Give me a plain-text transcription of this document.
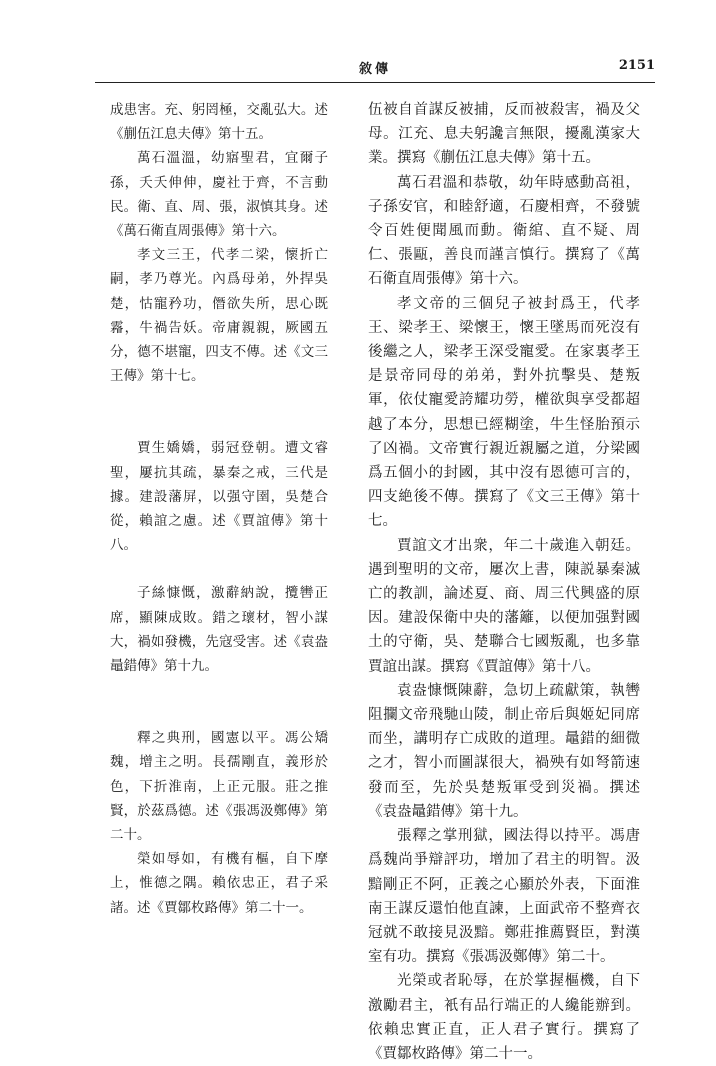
敘傳	2151

成患害。充、躬罔極，交亂弘大。述《蒯伍江息夫傳》第十五。

萬石溫溫，幼寤聖君，宜爾子孫，夭夭伸伸，慶社于齊，不言動民。衛、直、周、張，淑慎其身。述《萬石衛直周張傳》第十六。

孝文三王，代孝二梁，懷折亡嗣，孝乃尊光。內爲母弟，外捍吳楚，怙寵矜功，僭欲失所，思心既霿，牛禍告妖。帝庸親親，厥國五分，德不堪寵，四支不傳。述《文三王傳》第十七。

賈生嬌嬌，弱冠登朝。遭文睿聖，屢抗其疏，暴秦之戒，三代是據。建設藩屏，以强守圉，吳楚合從，賴誼之慮。述《賈誼傳》第十八。

子絲慷慨，激辭納說，攬轡正席，顯陳成敗。錯之瓌材，智小謀大，禍如發機，先寇受害。述《袁盎鼂錯傳》第十九。

釋之典刑，國憲以平。馮公矯魏，增主之明。長孺剛直，義形於色，下折淮南，上正元服。莊之推賢，於茲爲德。述《張馮汲鄭傳》第二十。

榮如辱如，有機有樞，自下摩上，惟德之隅。賴依忠正，君子采諸。述《賈鄒枚路傳》第二十一。

伍被自首謀反被捕，反而被殺害，禍及父母。江充、息夫躬讒言無限，擾亂漢家大業。撰寫《蒯伍江息夫傳》第十五。

萬石君溫和恭敬，幼年時感動高祖，子孫安官，和睦舒適，石慶相齊，不發號令百姓便聞風而動。衛綰、直不疑、周仁、張甌，善良而謹言慎行。撰寫了《萬石衛直周張傳》第十六。

孝文帝的三個兒子被封爲王，代孝王、梁孝王、梁懷王，懷王墜馬而死沒有後繼之人，梁孝王深受寵愛。在家裏孝王是景帝同母的弟弟，對外抗擊吳、楚叛軍，依仗寵愛誇耀功勞，權欲與享受都超越了本分，思想已經糊塗，牛生怪胎預示了凶禍。文帝實行親近親屬之道，分梁國爲五個小的封國，其中沒有恩德可言的，四支絶後不傳。撰寫了《文三王傳》第十七。

賈誼文才出衆，年二十歲進入朝廷。遇到聖明的文帝，屢次上書，陳説暴秦滅亡的教訓，論述夏、商、周三代興盛的原因。建設保衛中央的藩籬，以便加强對國土的守衛，吳、楚聯合七國叛亂，也多靠賈誼出謀。撰寫《賈誼傳》第十八。

袁盎慷慨陳辭，急切上疏獻策，執轡阻攔文帝飛馳山陵，制止帝后與姬妃同席而坐，講明存亡成敗的道理。鼂錯的細微之才，智小而圖謀很大，禍殃有如弩箭速發而至，先於吳楚叛軍受到災禍。撰述《袁盎鼂錯傳》第十九。

張釋之掌刑獄，國法得以持平。馮唐爲魏尚爭辯評功，增加了君主的明智。汲黯剛正不阿，正義之心顯於外表，下面淮南王謀反還怕他直諫，上面武帝不整齊衣冠就不敢接見汲黯。鄭莊推薦賢臣，對漢室有功。撰寫《張馮汲鄭傳》第二十。

光榮或者恥辱，在於掌握樞機，自下激勵君主，衹有品行端正的人纔能辦到。依賴忠實正直，正人君子實行。撰寫了《賈鄒枚路傳》第二十一。
